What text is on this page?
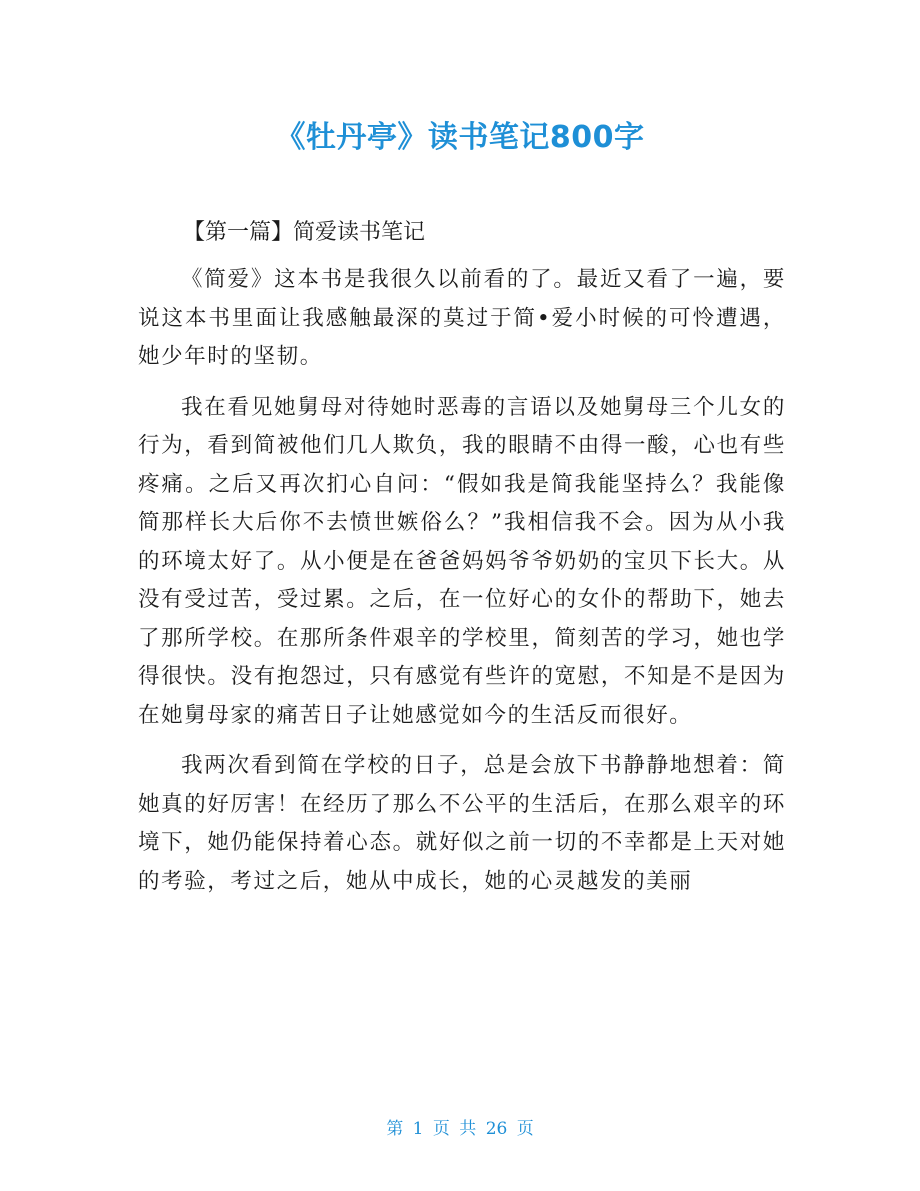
《牡丹亭》读书笔记800字
【第一篇】简爱读书笔记

《简爱》这本书是我很久以前看的了。最近又看了一遍，要说这本书里面让我感触最深的莫过于简•爱小时候的可怜遭遇，她少年时的坚韧。

我在看见她舅母对待她时恶毒的言语以及她舅母三个儿女的行为，看到简被他们几人欺负，我的眼睛不由得一酸，心也有些疼痛。之后又再次扪心自问：“假如我是简我能坚持么？我能像简那样长大后你不去愤世嫉俗么？”我相信我不会。因为从小我的环境太好了。从小便是在爸爸妈妈爷爷奶奶的宝贝下长大。从没有受过苦，受过累。之后，在一位好心的女仆的帮助下，她去了那所学校。在那所条件艰辛的学校里，简刻苦的学习，她也学得很快。没有抱怨过，只有感觉有些许的宽慰，不知是不是因为在她舅母家的痛苦日子让她感觉如今的生活反而很好。

我两次看到简在学校的日子，总是会放下书静静地想着：简她真的好厉害！在经历了那么不公平的生活后，在那么艰辛的环境下，她仍能保持着心态。就好似之前一切的不幸都是上天对她的考验，考过之后，她从中成长，她的心灵越发的美丽

第 1 页 共 26 页
